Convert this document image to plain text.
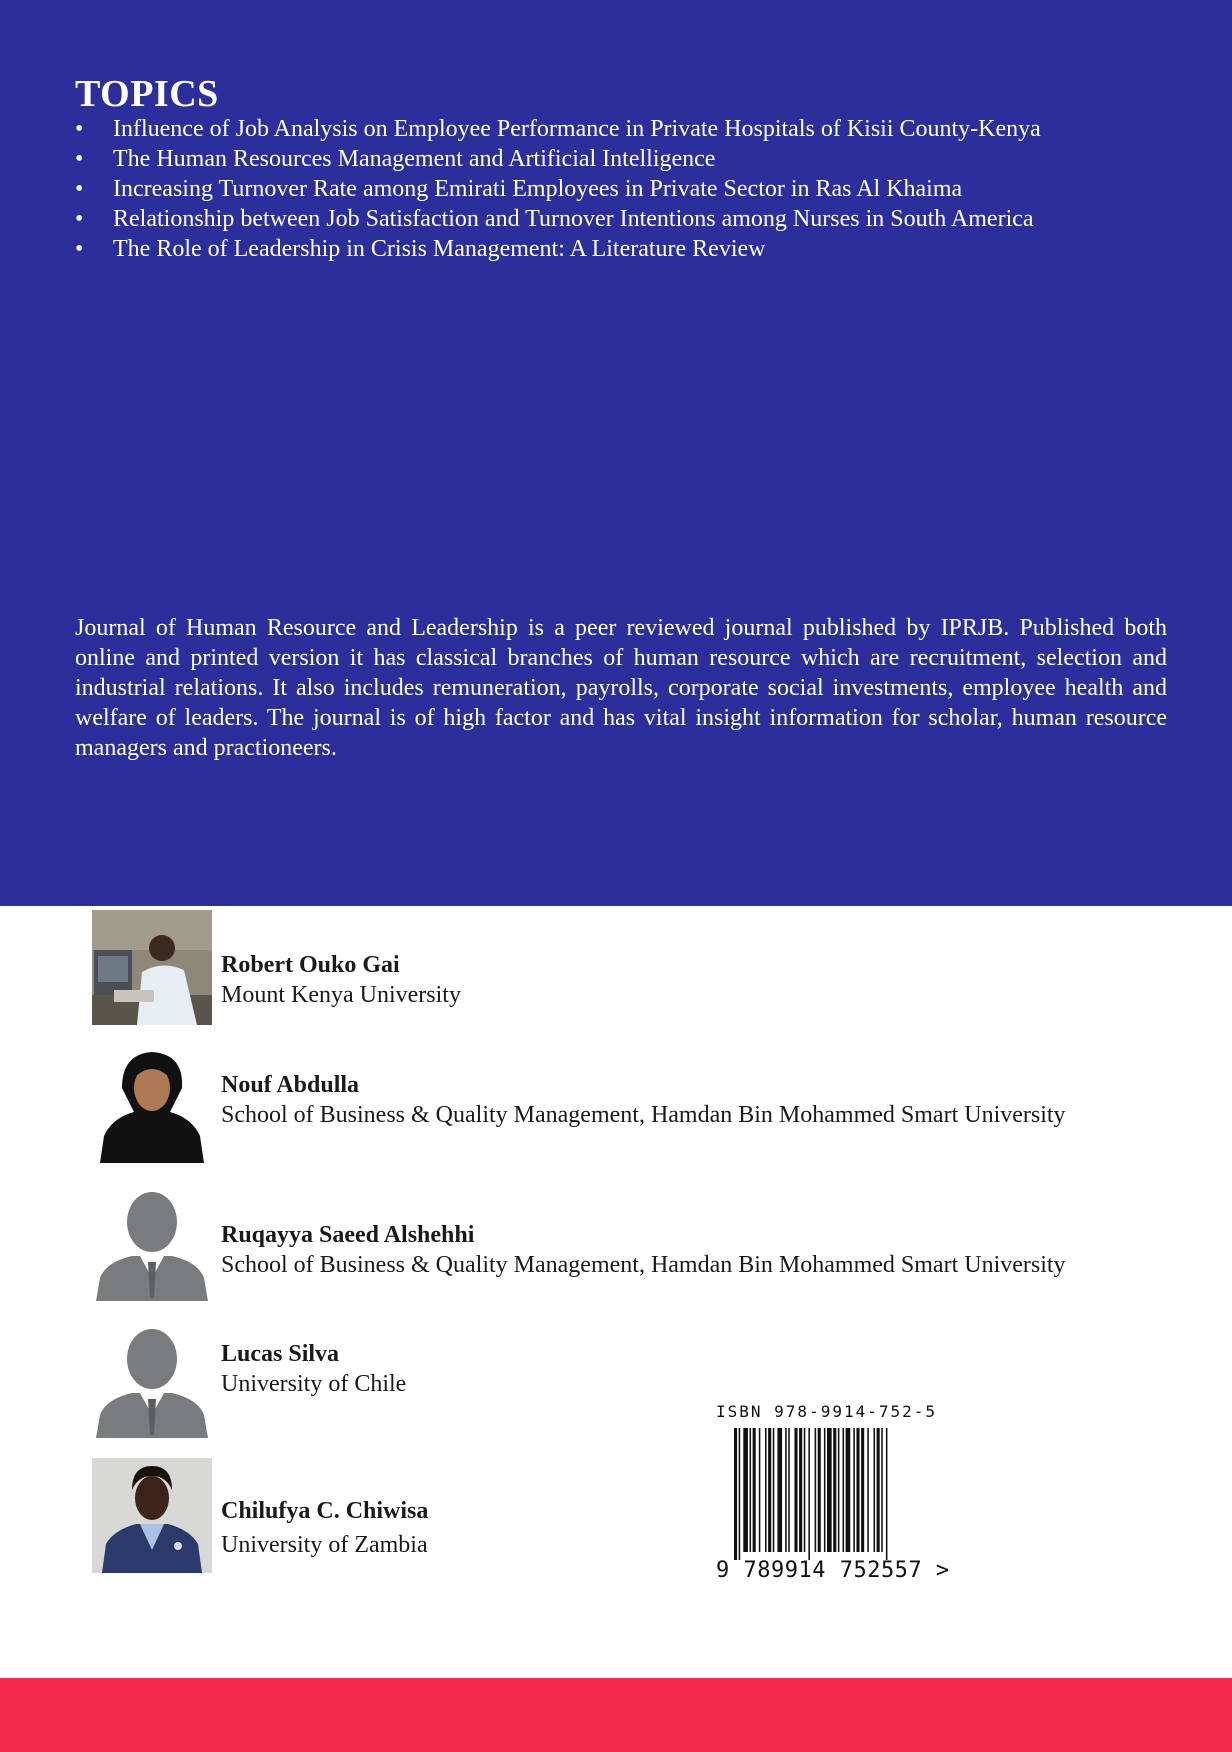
TOPICS
• Influence of Job Analysis on Employee Performance in Private Hospitals of Kisii County-Kenya
• The Human Resources Management and Artificial Intelligence
• Increasing Turnover Rate among Emirati Employees in Private Sector in Ras Al Khaima
• Relationship between Job Satisfaction and Turnover Intentions among Nurses in South America
• The Role of Leadership in Crisis Management: A Literature Review
Journal of Human Resource and Leadership is a peer reviewed journal published by IPRJB. Published both online and printed version it has classical branches of human resource which are recruitment, selection and industrial relations. It also includes remuneration, payrolls, corporate social investments, employee health and welfare of leaders. The journal is of high factor and has vital insight information for scholar, human resource managers and practioneers.
Robert Ouko Gai
Mount Kenya University
Nouf Abdulla
School of Business & Quality Management, Hamdan Bin Mohammed Smart University
Ruqayya Saeed Alshehhi
School of Business & Quality Management, Hamdan Bin Mohammed Smart University
Lucas Silva
University of Chile
Chilufya C. Chiwisa
University of Zambia
ISBN 978-9914-752-5
9 789914 752557 >
